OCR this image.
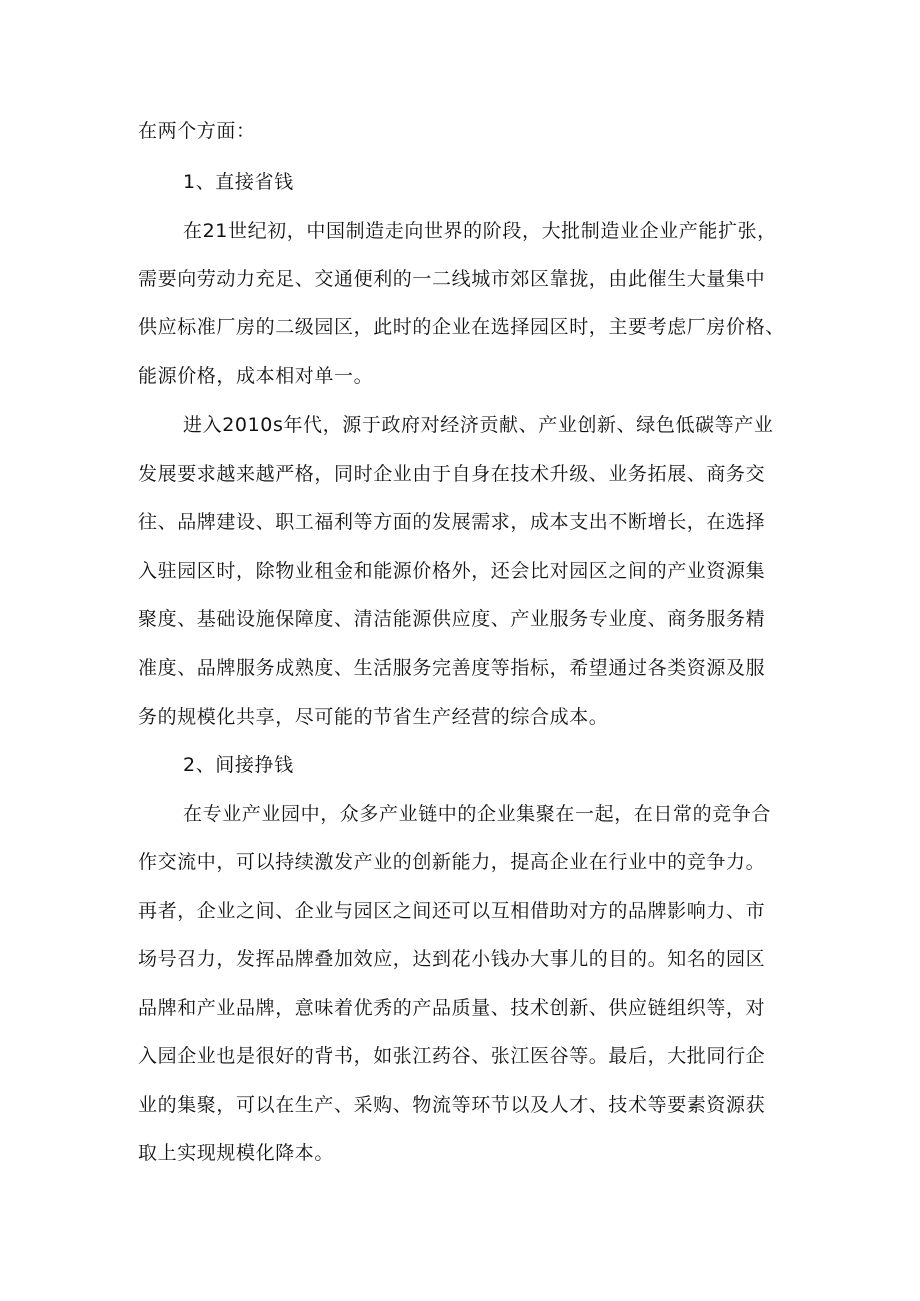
在两个方面：
1、直接省钱
在21世纪初，中国制造走向世界的阶段，大批制造业企业产能扩张，
需要向劳动力充足、交通便利的一二线城市郊区靠拢，由此催生大量集中
供应标准厂房的二级园区，此时的企业在选择园区时，主要考虑厂房价格、
能源价格，成本相对单一。
进入2010s年代，源于政府对经济贡献、产业创新、绿色低碳等产业
发展要求越来越严格，同时企业由于自身在技术升级、业务拓展、商务交
往、品牌建设、职工福利等方面的发展需求，成本支出不断增长，在选择
入驻园区时，除物业租金和能源价格外，还会比对园区之间的产业资源集
聚度、基础设施保障度、清洁能源供应度、产业服务专业度、商务服务精
准度、品牌服务成熟度、生活服务完善度等指标，希望通过各类资源及服
务的规模化共享，尽可能的节省生产经营的综合成本。
2、间接挣钱
在专业产业园中，众多产业链中的企业集聚在一起，在日常的竞争合
作交流中，可以持续激发产业的创新能力，提高企业在行业中的竞争力。
再者，企业之间、企业与园区之间还可以互相借助对方的品牌影响力、市
场号召力，发挥品牌叠加效应，达到花小钱办大事儿的目的。知名的园区
品牌和产业品牌，意味着优秀的产品质量、技术创新、供应链组织等，对
入园企业也是很好的背书，如张江药谷、张江医谷等。最后，大批同行企
业的集聚，可以在生产、采购、物流等环节以及人才、技术等要素资源获
取上实现规模化降本。
